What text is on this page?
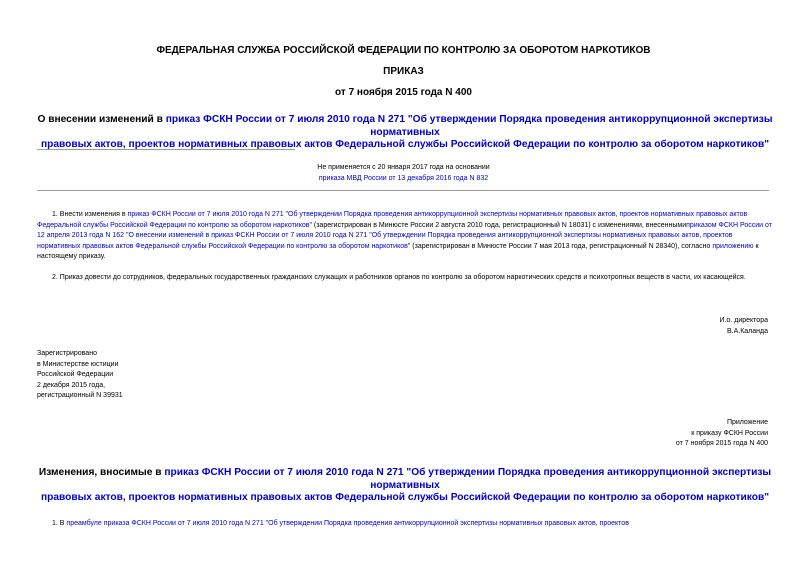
ФЕДЕРАЛЬНАЯ СЛУЖБА РОССИЙСКОЙ ФЕДЕРАЦИИ ПО КОНТРОЛЮ ЗА ОБОРОТОМ НАРКОТИКОВ
ПРИКАЗ
от 7 ноября 2015 года N 400
О внесении изменений в приказ ФСКН России от 7 июля 2010 года N 271 "Об утверждении Порядка проведения антикоррупционной экспертизы нормативных
правовых актов, проектов нормативных правовых актов Федеральной службы Российской Федерации по контролю за оборотом наркотиков"
Не применяется с 20 января 2017 года на основании
приказа МВД России от 13 декабря 2016 года N 832
1. Внести изменения в приказ ФСКН России от 7 июля 2010 года N 271 "Об утверждении Порядка проведения антикоррупционной экспертизы нормативных правовых актов, проектов нормативных правовых актов Федеральной службы Российской Федерации по контролю за оборотом наркотиков" (зарегистрирован в Минюсте России 2 августа 2010 года, регистрационный N 18031) с изменениями, внесеннымиприказом ФСКН России от 12 апреля 2013 года N 162 "О внесении изменений в приказ ФСКН России от 7 июля 2010 года N 271 "Об утверждении Порядка проведения антикоррупционной экспертизы нормативных правовых актов, проектов нормативных правовых актов Федеральной службы Российской Федерации по контролю за оборотом наркотиков" (зарегистрирован в Минюсте России 7 мая 2013 года, регистрационный N 28340), согласно приложению к настоящему приказу.
2. Приказ довести до сотрудников, федеральных государственных гражданских служащих и работников органов по контролю за оборотом наркотических средств и психотропных веществ в части, их касающейся.
И.о. директора
В.А.Каланда
Зарегистрировано
в Министерстве юстиции
Российской Федерации
2 декабря 2015 года,
регистрационный N 39931
Приложение
к приказу ФСКН России
от 7 ноября 2015 года N 400
Изменения, вносимые в приказ ФСКН России от 7 июля 2010 года N 271 "Об утверждении Порядка проведения антикоррупционной экспертизы нормативных
правовых актов, проектов нормативных правовых актов Федеральной службы Российской Федерации по контролю за оборотом наркотиков"
1. В преамбуле приказа ФСКН России от 7 июля 2010 года N 271 "Об утверждении Порядка проведения антикоррупционной экспертизы нормативных правовых актов, проектов
